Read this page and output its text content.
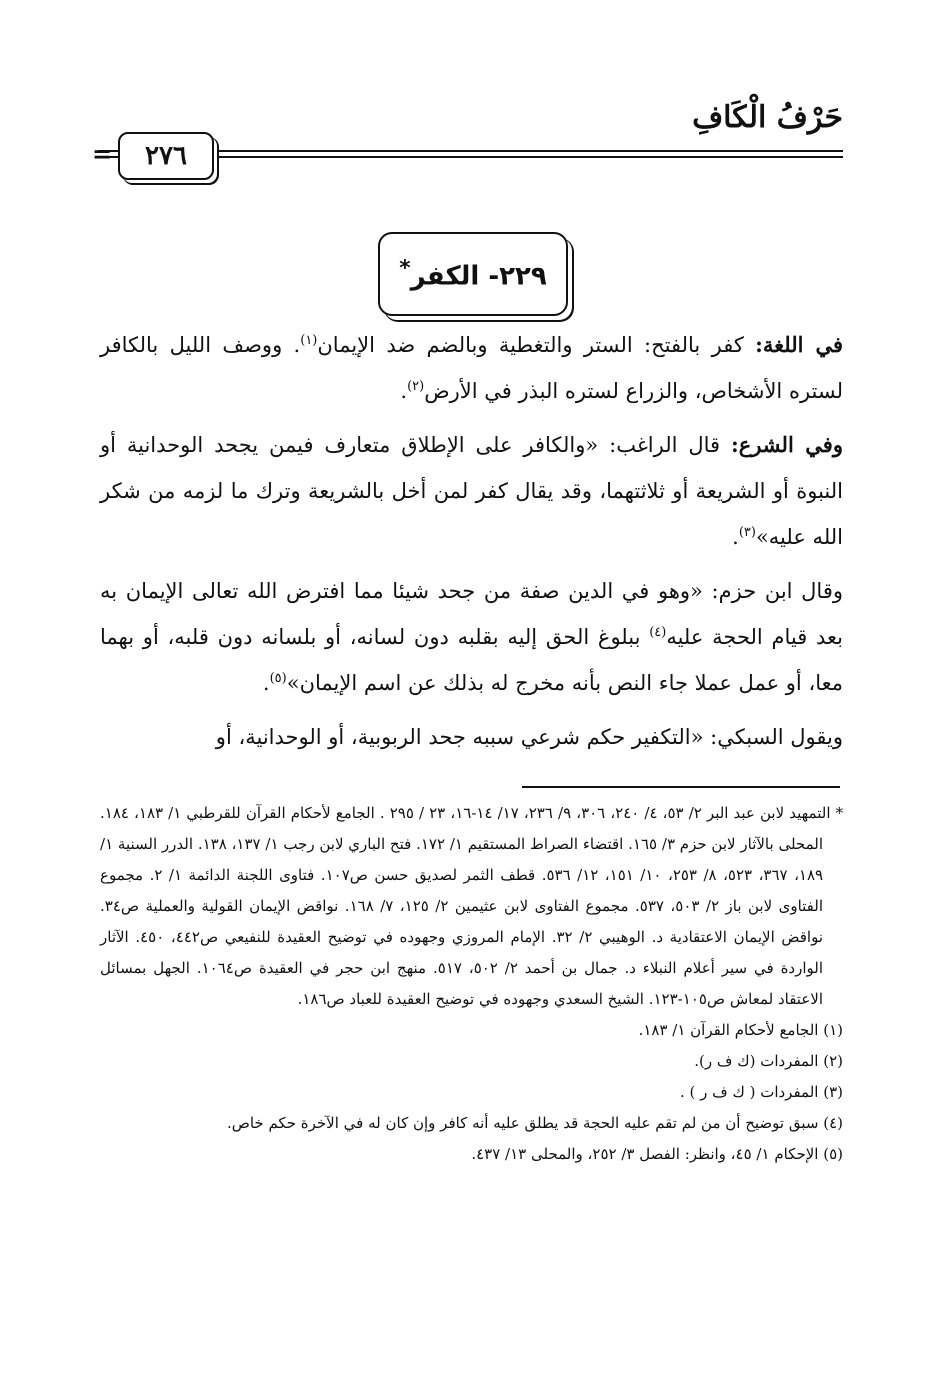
حَرْفُ الْكَافِ
=	٢٧٦
٢٢٩- الكفر*

في اللغة: كفر بالفتح: الستر والتغطية وبالضم ضد الإيمان$^{(١)}$. ووصف الليل بالكافر لستره الأشخاص، والزراع لستره البذر في الأرض$^{(٢)}$.

وفي الشرع: قال الراغب: «والكافر على الإطلاق متعارف فيمن يجحد الوحدانية أو النبوة أو الشريعة أو ثلاثتهما، وقد يقال كفر لمن أخل بالشريعة وترك ما لزمه من شكر الله عليه»$^{(٣)}$.

وقال ابن حزم: «وهو في الدين صفة من جحد شيئا مما افترض الله تعالى الإيمان به بعد قيام الحجة عليه$^{(٤)}$ ببلوغ الحق إليه بقلبه دون لسانه، أو بلسانه دون قلبه، أو بهما معا، أو عمل عملا جاء النص بأنه مخرج له بذلك عن اسم الإيمان»$^{(٥)}$.

ويقول السبكي: «التكفير حكم شرعي سببه جحد الربوبية، أو الوحدانية، أو

* التمهيد لابن عبد البر ٢/ ٥٣، ٤/ ٢٤٠، ٣٠٦، ٩/ ٢٣٦، ١٧/ ١٤-١٦، ٢٣ / ٢٩٥ . الجامع لأحكام القرآن للقرطبي ١/ ١٨٣، ١٨٤. المحلى بالآثار لابن حزم ٣/ ١٦٥. اقتضاء الصراط المستقيم ١/ ١٧٢. فتح الباري لابن رجب ١/ ١٣٧، ١٣٨. الدرر السنية ١/ ١٨٩، ٣٦٧، ٥٢٣، ٨/ ٢٥٣، ١٠/ ١٥١، ١٢/ ٥٣٦. قطف الثمر لصديق حسن ص١٠٧. فتاوى اللجنة الدائمة ١/ ٢. مجموع الفتاوى لابن باز ٢/ ٥٠٣، ٥٣٧. مجموع الفتاوى لابن عثيمين ٢/ ١٢٥، ٧/ ١٦٨. نواقض الإيمان القولية والعملية ص٣٤. نواقض الإيمان الاعتقادية د. الوهيبي ٢/ ٣٢. الإمام المروزي وجهوده في توضيح العقيدة للنفيعي ص٤٤٢، ٤٥٠. الآثار الواردة في سير أعلام النبلاء د. جمال بن أحمد ٢/ ٥٠٢، ٥١٧. منهج ابن حجر في العقيدة ص١٠٦٤. الجهل بمسائل الاعتقاد لمعاش ص١٠٥-١٢٣. الشيخ السعدي وجهوده في توضيح العقيدة للعباد ص١٨٦.

(١) الجامع لأحكام القرآن ١/ ١٨٣.

(٢) المفردات (ك ف ر).

(٣) المفردات ( ك ف ر ) .

(٤) سبق توضيح أن من لم تقم عليه الحجة قد يطلق عليه أنه كافر وإن كان له في الآخرة حكم خاص.

(٥) الإحكام ١/ ٤٥، وانظر: الفصل ٣/ ٢٥٢، والمحلى ١٣/ ٤٣٧.
